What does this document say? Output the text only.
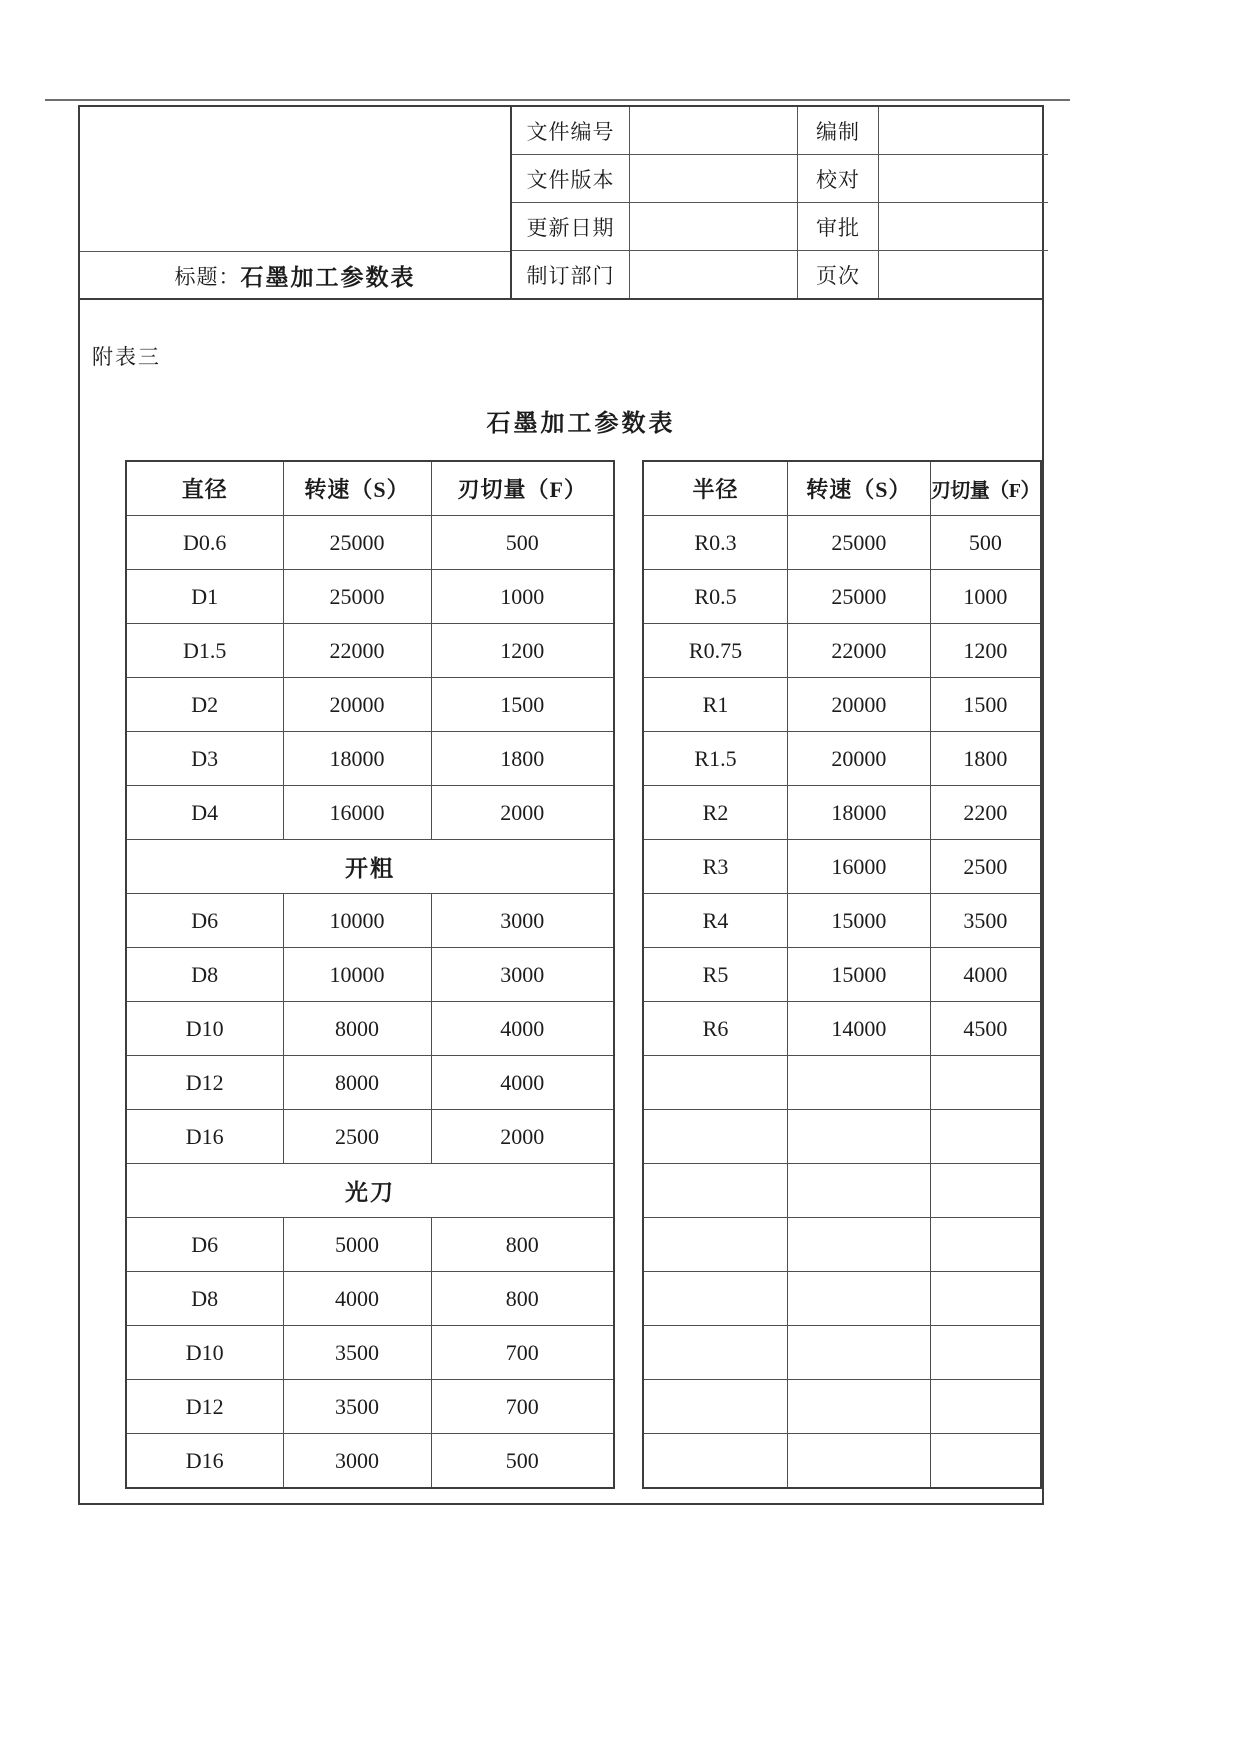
文件编号	编制
文件版本	校对
更新日期	审批
制订部门	页次
标题： 石墨加工参数表
附表三
石墨加工参数表
直径	转速（S）	刃切量（F）
D0.6	25000	500
D1	25000	1000
D1.5	22000	1200
D2	20000	1500
D3	18000	1800
D4	16000	2000
开粗		
D6	10000	3000
D8	10000	3000
D10	8000	4000
D12	8000	4000
D16	2500	2000
光刀		
D6	5000	800
D8	4000	800
D10	3500	700
D12	3500	700
D16	3000	500
半径	转速（S）	刃切量（F）
R0.3	25000	500
R0.5	25000	1000
R0.75	22000	1200
R1	20000	1500
R1.5	20000	1800
R2	18000	2200
R3	16000	2500
R4	15000	3500
R5	15000	4000
R6	14000	4500
